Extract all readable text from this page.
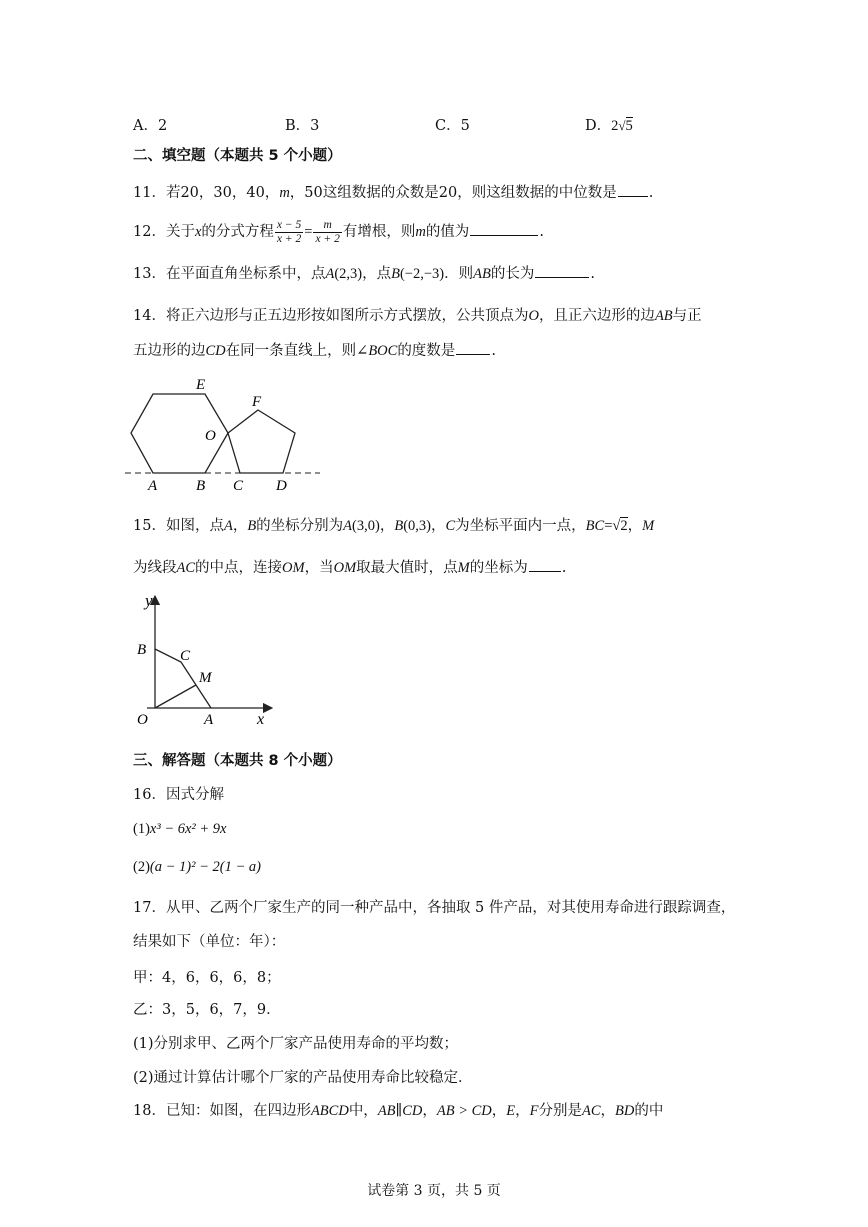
A．2	B．3	C．5	D．2√5
二、填空题（本题共 5 个小题）
11．若20，30，40，m，50这组数据的众数是20，则这组数据的中位数是 .
12．关于x的分式方程 $\frac{x - 5}{x + 2} = \frac{m}{x + 2}$ 有增根，则m的值为	.
13．在平面直角坐标系中，点A(2,3)，点B(−2,−3)．则AB的长为	.
14．将正六边形与正五边形按如图所示方式摆放，公共顶点为O，且正六边形的边AB与正
五边形的边CD在同一条直线上，则∠BOC的度数是 .
E
F
O
A	B C D
15．如图，点A，B的坐标分别为A(3,0)，B(0,3)，C为坐标平面内一点，BC=√2，M
为线段AC的中点，连接OM，当OM取最大值时，点M的坐标为 .
y
B C
M
O	A	x
三、解答题（本题共 8 个小题）
16．因式分解
(1)x³ − 6x² + 9x
(2)(a − 1)² − 2(1 − a)
17．从甲、乙两个厂家生产的同一种产品中，各抽取 5 件产品，对其使用寿命进行跟踪调查，
结果如下（单位：年）：
甲：4，6，6，6，8；
乙：3，5，6，7，9．
(1)分别求甲、乙两个厂家产品使用寿命的平均数；
(2)通过计算估计哪个厂家的产品使用寿命比较稳定．
18．已知：如图，在四边形ABCD中，AB∥CD，AB > CD，E，F分别是AC，BD的中
试卷第 3 页，共 5 页
